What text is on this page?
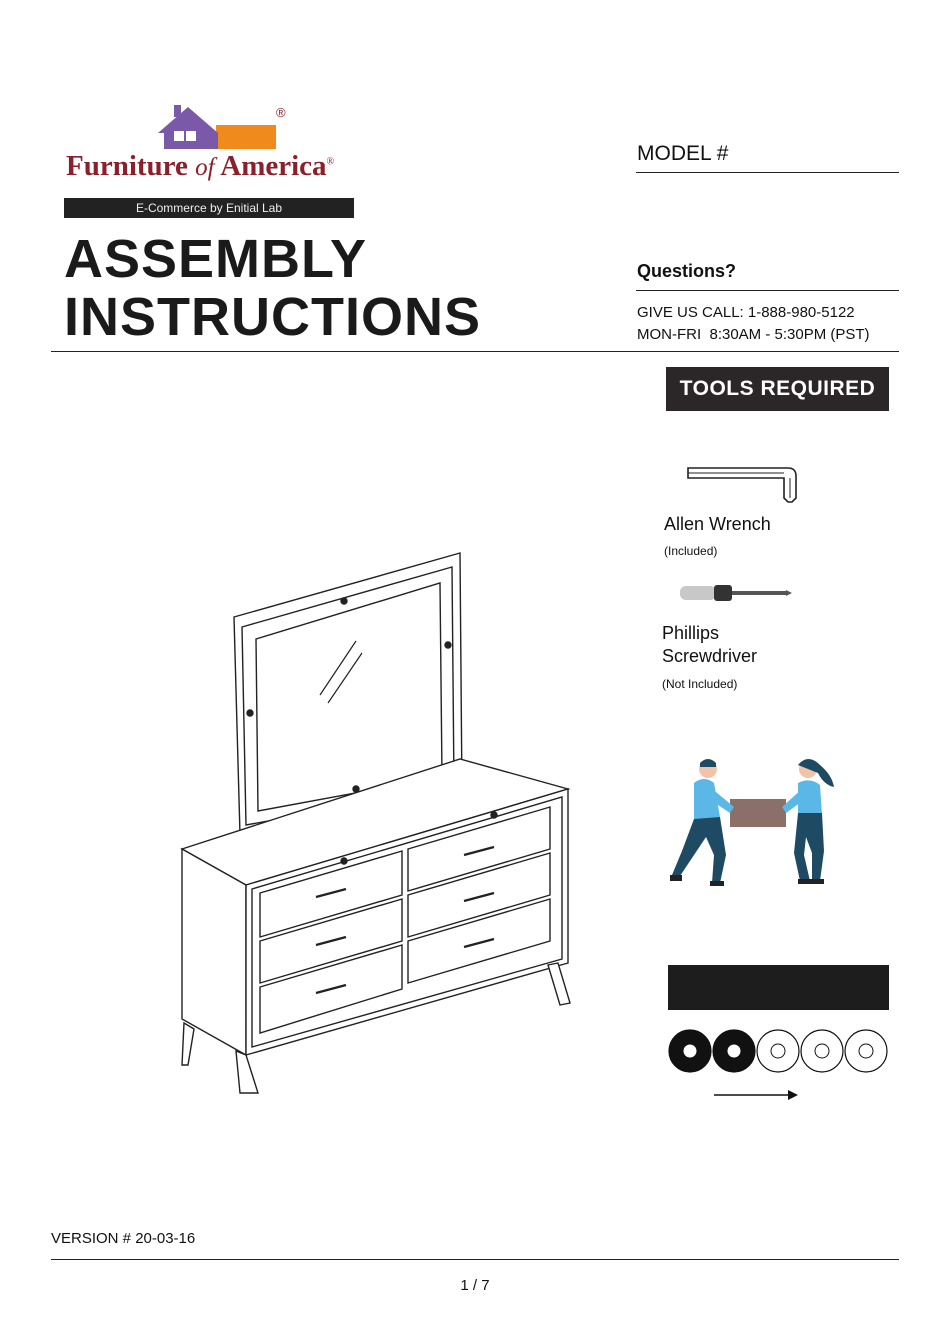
®
Furniture of America®
E-Commerce by Enitial Lab
ASSEMBLY
INSTRUCTIONS
MODEL #
Questions?
GIVE US CALL: 1-888-980-5122
MON-FRI  8:30AM - 5:30PM (PST)
TOOLS REQUIRED
Allen Wrench
(Included)
Phillips
Screwdriver
(Not Included)
VERSION # 20-03-16
1 / 7
